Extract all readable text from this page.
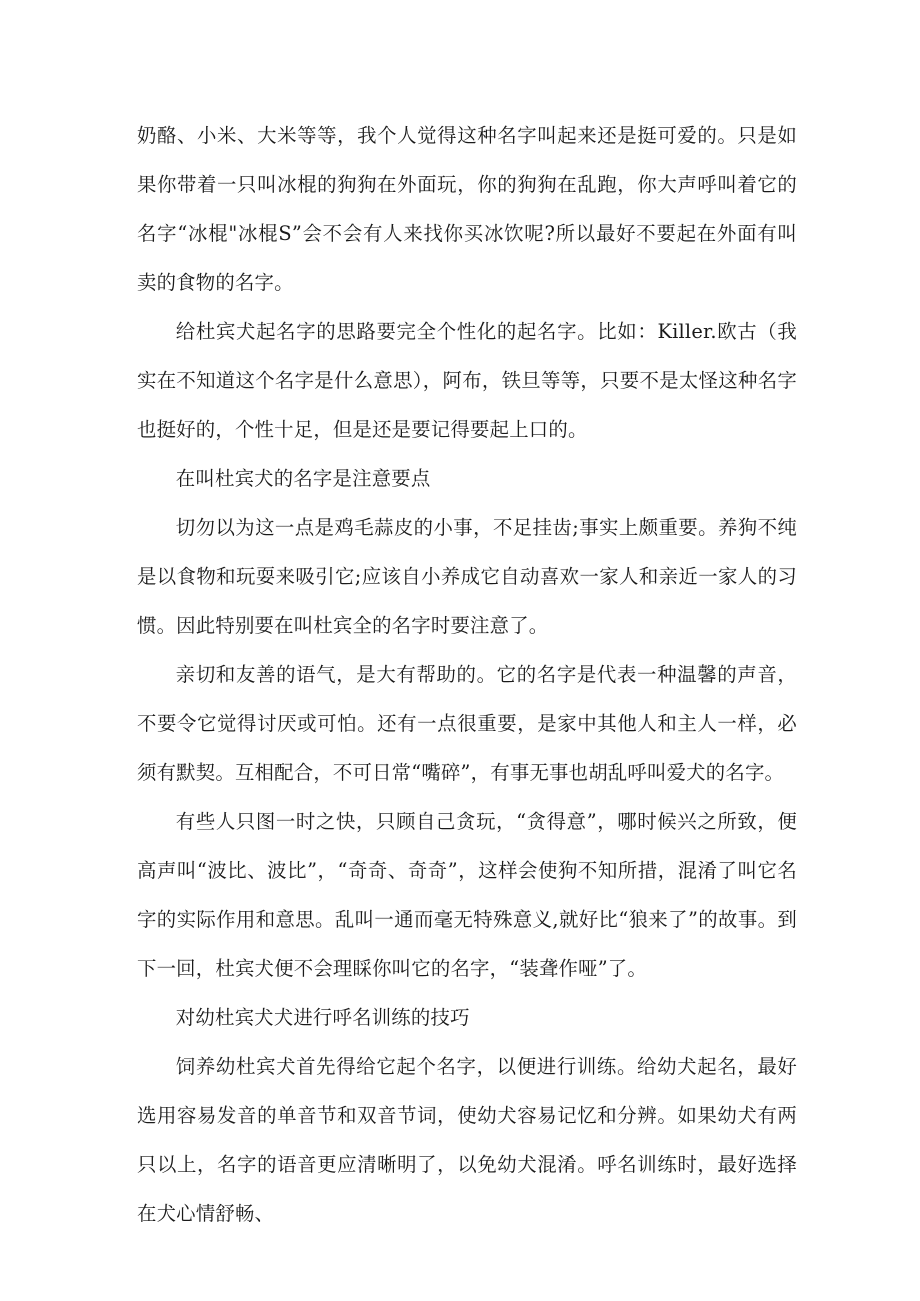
奶酪、小米、大米等等，我个人觉得这种名字叫起来还是挺可爱的。只是如果你带着一只叫冰棍的狗狗在外面玩，你的狗狗在乱跑，你大声呼叫着它的名字“冰棍"冰棍S”会不会有人来找你买冰饮呢?所以最好不要起在外面有叫卖的食物的名字。

给杜宾犬起名字的思路要完全个性化的起名字。比如：Killer.欧古（我实在不知道这个名字是什么意思），阿布，铁旦等等，只要不是太怪这种名字也挺好的，个性十足，但是还是要记得要起上口的。

在叫杜宾犬的名字是注意要点

切勿以为这一点是鸡毛蒜皮的小事，不足挂齿;事实上颇重要。养狗不纯是以食物和玩耍来吸引它;应该自小养成它自动喜欢一家人和亲近一家人的习惯。因此特别要在叫杜宾全的名字时要注意了。

亲切和友善的语气，是大有帮助的。它的名字是代表一种温馨的声音，不要令它觉得讨厌或可怕。还有一点很重要，是家中其他人和主人一样，必须有默契。互相配合，不可日常“嘴碎”，有事无事也胡乱呼叫爱犬的名字。

有些人只图一时之快，只顾自己贪玩，“贪得意”，哪时候兴之所致，便高声叫“波比、波比”，“奇奇、奇奇”，这样会使狗不知所措，混淆了叫它名字的实际作用和意思。乱叫一通而毫无特殊意义,就好比“狼来了”的故事。到下一回，杜宾犬便不会理睬你叫它的名字，“装聋作哑”了。

对幼杜宾犬犬进行呼名训练的技巧

饲养幼杜宾犬首先得给它起个名字，以便进行训练。给幼犬起名，最好选用容易发音的单音节和双音节词，使幼犬容易记忆和分辨。如果幼犬有两只以上，名字的语音更应清晰明了，以免幼犬混淆。呼名训练时，最好选择在犬心情舒畅、
